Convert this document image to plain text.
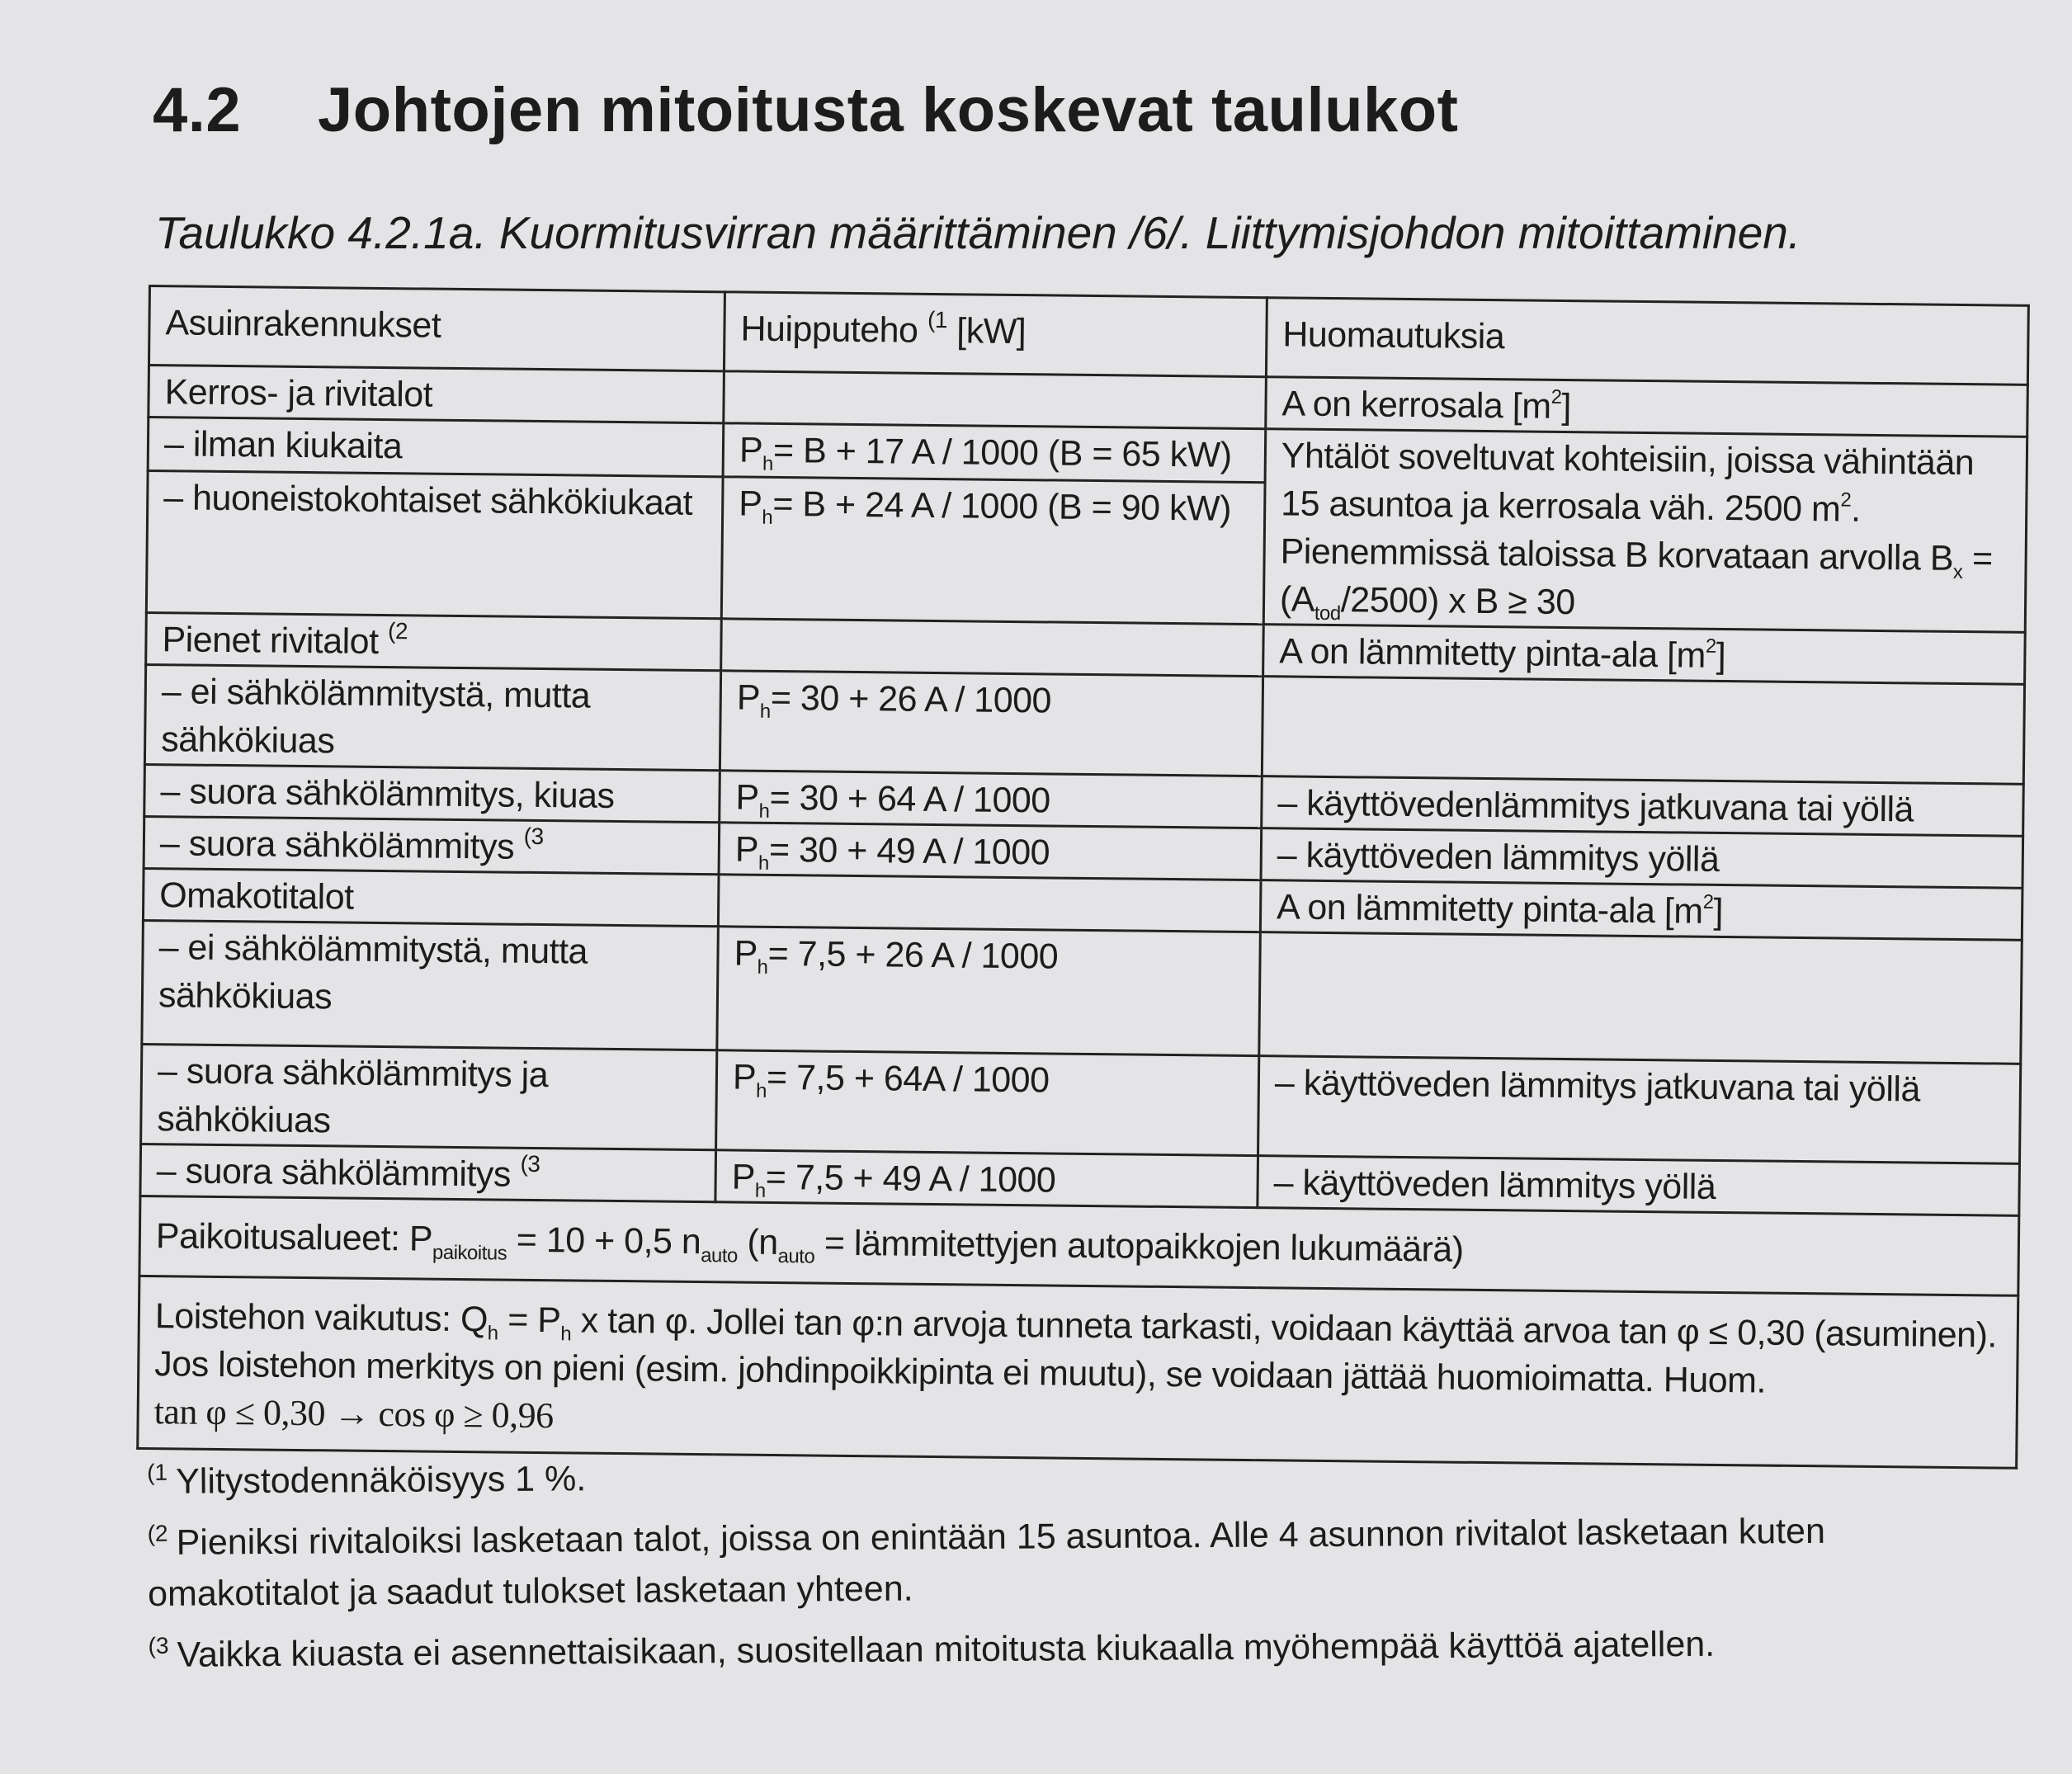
4.2 Johtojen mitoitusta koskevat taulukot
Taulukko 4.2.1a. Kuormitusvirran määrittäminen /6/. Liittymisjohdon mitoittaminen.
Asuinrakennukset	Huipputeho $^{(1}$ [kW]	Huomautuksia
Kerros- ja rivitalot		A on kerrosala $[m^2]$
– ilman kiukaita	$P_h= B + 17$ A / 1000 (B = 65 kW)	Yhtälöt soveltuvat kohteisiin, joissa vähintään 15 asuntoa ja kerrosala väh. 2500 $m^2$. Pienemmissä taloissa B korvataan arvolla $B_x = (A_{tod}/2500)$ x B ≥ 30
– huoneistokohtaiset sähkökiukaat	$P_h= B + 24$ A / 1000 (B = 90 kW)	
Pienet rivitalot $^{(2}$		A on lämmitetty pinta-ala $[m^2]$
– ei sähkölämmitystä, mutta sähkökiuas	$P_h= 30 + 26$ A / 1000	
– suora sähkölämmitys, kiuas	$P_h= 30 + 64$ A / 1000	– käyttövedenlämmitys jatkuvana tai yöllä
– suora sähkölämmitys $^{(3}$	$P_h= 30 + 49$ A / 1000	– käyttöveden lämmitys yöllä
Omakotitalot		A on lämmitetty pinta-ala $[m^2]$
– ei sähkölämmitystä, mutta sähkökiuas	$P_h= 7,5 + 26$ A / 1000	
– suora sähkölämmitys ja sähkökiuas	$P_h= 7,5 + 64A / 1000$	– käyttöveden lämmitys jatkuvana tai yöllä
– suora sähkölämmitys $^{(3}$	$P_h= 7,5 + 49$ A / 1000	– käyttöveden lämmitys yöllä
Paikoitusalueet: $P_{paikoitus} = 10 + 0,5$ $n_{auto}$ ($n_{auto}$ = lämmitettyjen autopaikkojen lukumäärä)		
Loistehon vaikutus: $Q_h = P_h$ x tan φ. Jollei tan φ:n arvoja tunneta tarkasti, voidaan käyttää arvoa tan φ ≤ 0,30 (asuminen). Jos loistehon merkitys on pieni (esim. johdinpoikkipinta ei muutu), se voidaan jättää huomioimatta. Huom.
tan φ ≤ 0,30 → cos φ ≥ 0,96		

$^{(1}$ Ylitystodennäköisyys 1 %.

$^{(2}$ Pieniksi rivitaloiksi lasketaan talot, joissa on enintään 15 asuntoa. Alle 4 asunnon rivitalot lasketaan kuten omakotitalot ja saadut tulokset lasketaan yhteen.

$^{(3}$ Vaikka kiuasta ei asennettaisikaan, suositellaan mitoitusta kiukaalla myöhempää käyttöä ajatellen.
